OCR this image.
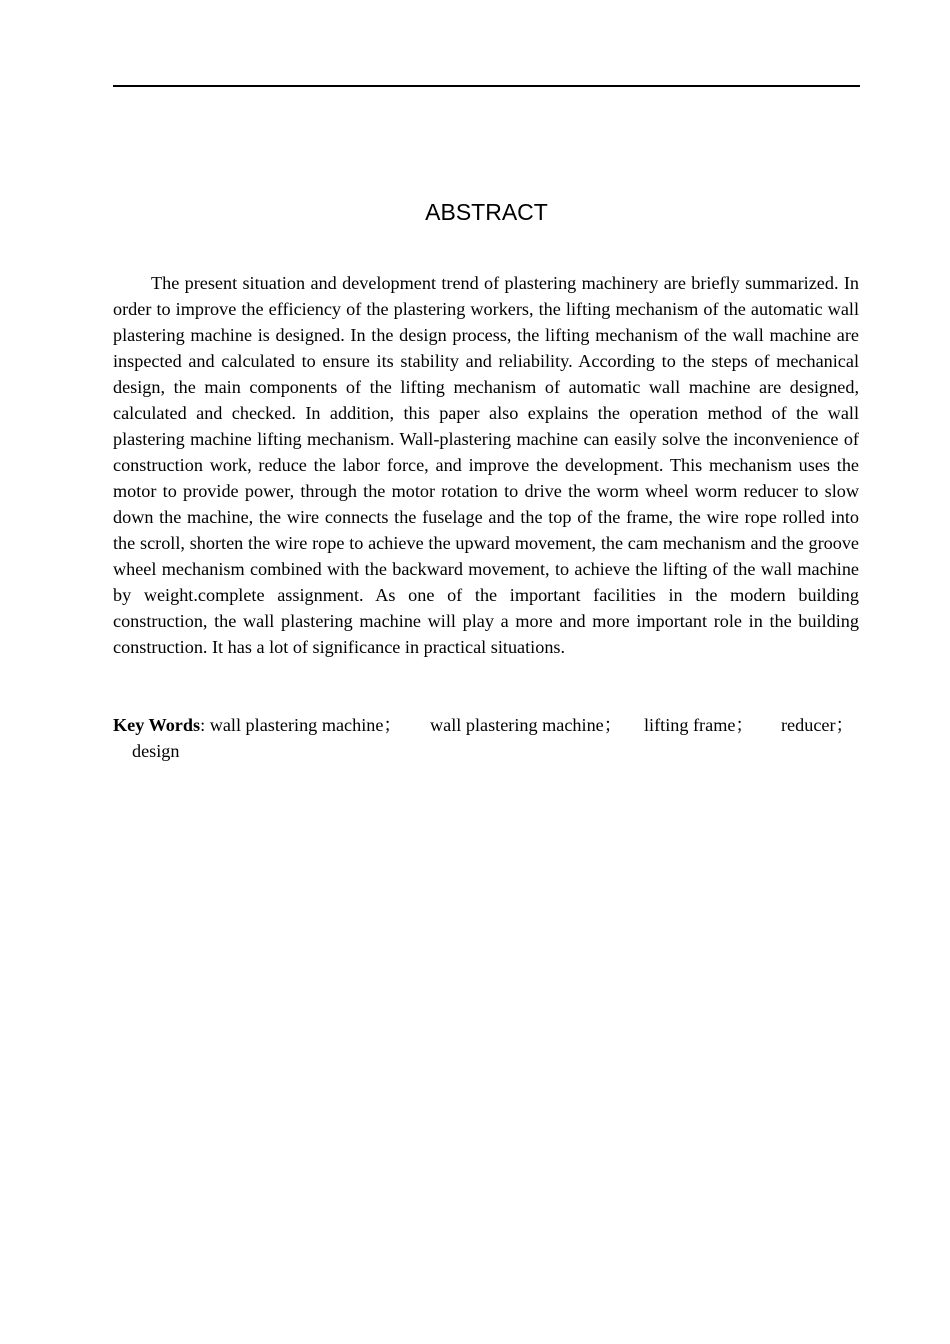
ABSTRACT

The present situation and development trend of plastering machinery are briefly summarized. In order to improve the efficiency of the plastering workers, the lifting mechanism of the automatic wall plastering machine is designed. In the design process, the lifting mechanism of the wall machine are inspected and calculated to ensure its stability and reliability. According to the steps of mechanical design, the main components of the lifting mechanism of automatic wall machine are designed, calculated and checked. In addition, this paper also explains the operation method of the wall plastering machine lifting mechanism. Wall-plastering machine can easily solve the inconvenience of construction work, reduce the labor force, and improve the development. This mechanism uses the motor to provide power, through the motor rotation to drive the worm wheel worm reducer to slow down the machine, the wire connects the fuselage and the top of the frame, the wire rope rolled into the scroll, shorten the wire rope to achieve the upward movement, the cam mechanism and the groove wheel mechanism combined with the backward movement, to achieve the lifting of the wall machine by weight.complete assignment. As one of the important facilities in the modern building construction, the wall plastering machine will play a more and more important role in the building construction. It has a lot of significance in practical situations.

Key Words: wall plastering machine；	wall plastering machine；	lifting frame；	reducer；
design
